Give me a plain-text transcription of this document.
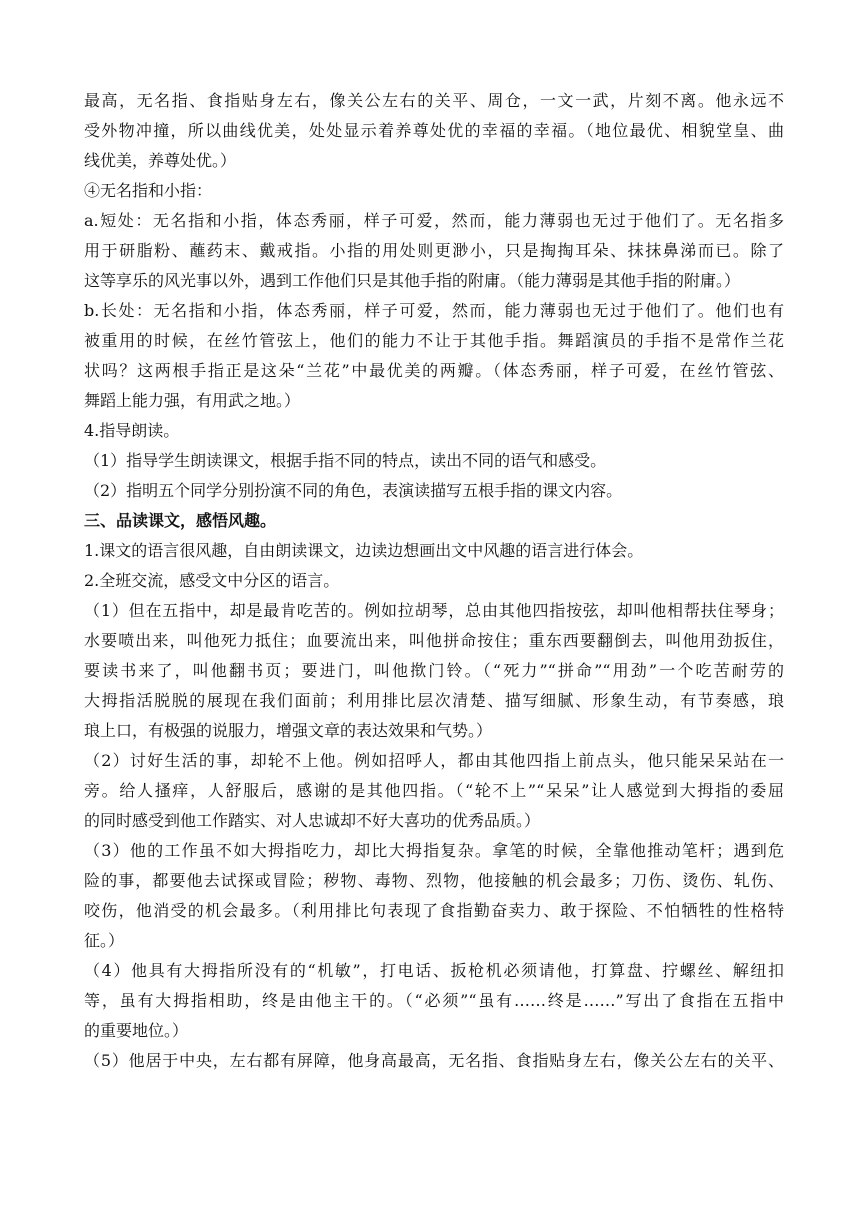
最高，无名指、食指贴身左右，像关公左右的关平、周仓，一文一武，片刻不离。他永远不
受外物冲撞，所以曲线优美，处处显示着养尊处优的幸福的幸福。（地位最优、相貌堂皇、曲
线优美，养尊处优。）
④无名指和小指：
a.短处：无名指和小指，体态秀丽，样子可爱，然而，能力薄弱也无过于他们了。无名指多
用于研脂粉、蘸药末、戴戒指。小指的用处则更渺小，只是掏掏耳朵、抹抹鼻涕而已。除了
这等享乐的风光事以外，遇到工作他们只是其他手指的附庸。（能力薄弱是其他手指的附庸。）
b.长处：无名指和小指，体态秀丽，样子可爱，然而，能力薄弱也无过于他们了。他们也有
被重用的时候，在丝竹管弦上，他们的能力不让于其他手指。舞蹈演员的手指不是常作兰花
状吗？这两根手指正是这朵“兰花”中最优美的两瓣。（体态秀丽，样子可爱，在丝竹管弦、
舞蹈上能力强，有用武之地。）
4.指导朗读。
（1）指导学生朗读课文，根据手指不同的特点，读出不同的语气和感受。
（2）指明五个同学分别扮演不同的角色，表演读描写五根手指的课文内容。
三、品读课文，感悟风趣。
1.课文的语言很风趣，自由朗读课文，边读边想画出文中风趣的语言进行体会。
2.全班交流，感受文中分区的语言。
（1）但在五指中，却是最肯吃苦的。例如拉胡琴，总由其他四指按弦，却叫他相帮扶住琴身；
水要喷出来，叫他死力抵住；血要流出来，叫他拼命按住；重东西要翻倒去，叫他用劲扳住，
要读书来了，叫他翻书页；要进门，叫他揿门铃。（“死力”“拼命”“用劲”一个吃苦耐劳的
大拇指活脱脱的展现在我们面前；利用排比层次清楚、描写细腻、形象生动，有节奏感，琅
琅上口，有极强的说服力，增强文章的表达效果和气势。）
（2）讨好生活的事，却轮不上他。例如招呼人，都由其他四指上前点头，他只能呆呆站在一
旁。给人搔痒，人舒服后，感谢的是其他四指。（“轮不上”“呆呆”让人感觉到大拇指的委屈
的同时感受到他工作踏实、对人忠诚却不好大喜功的优秀品质。）
（3）他的工作虽不如大拇指吃力，却比大拇指复杂。拿笔的时候，全靠他推动笔杆；遇到危
险的事，都要他去试探或冒险；秽物、毒物、烈物，他接触的机会最多；刀伤、烫伤、轧伤、
咬伤，他消受的机会最多。（利用排比句表现了食指勤奋卖力、敢于探险、不怕牺牲的性格特
征。）
（4）他具有大拇指所没有的“机敏”，打电话、扳枪机必须请他，打算盘、拧螺丝、解纽扣
等，虽有大拇指相助，终是由他主干的。（“必须”“虽有……终是……”写出了食指在五指中
的重要地位。）
（5）他居于中央，左右都有屏障，他身高最高，无名指、食指贴身左右，像关公左右的关平、
